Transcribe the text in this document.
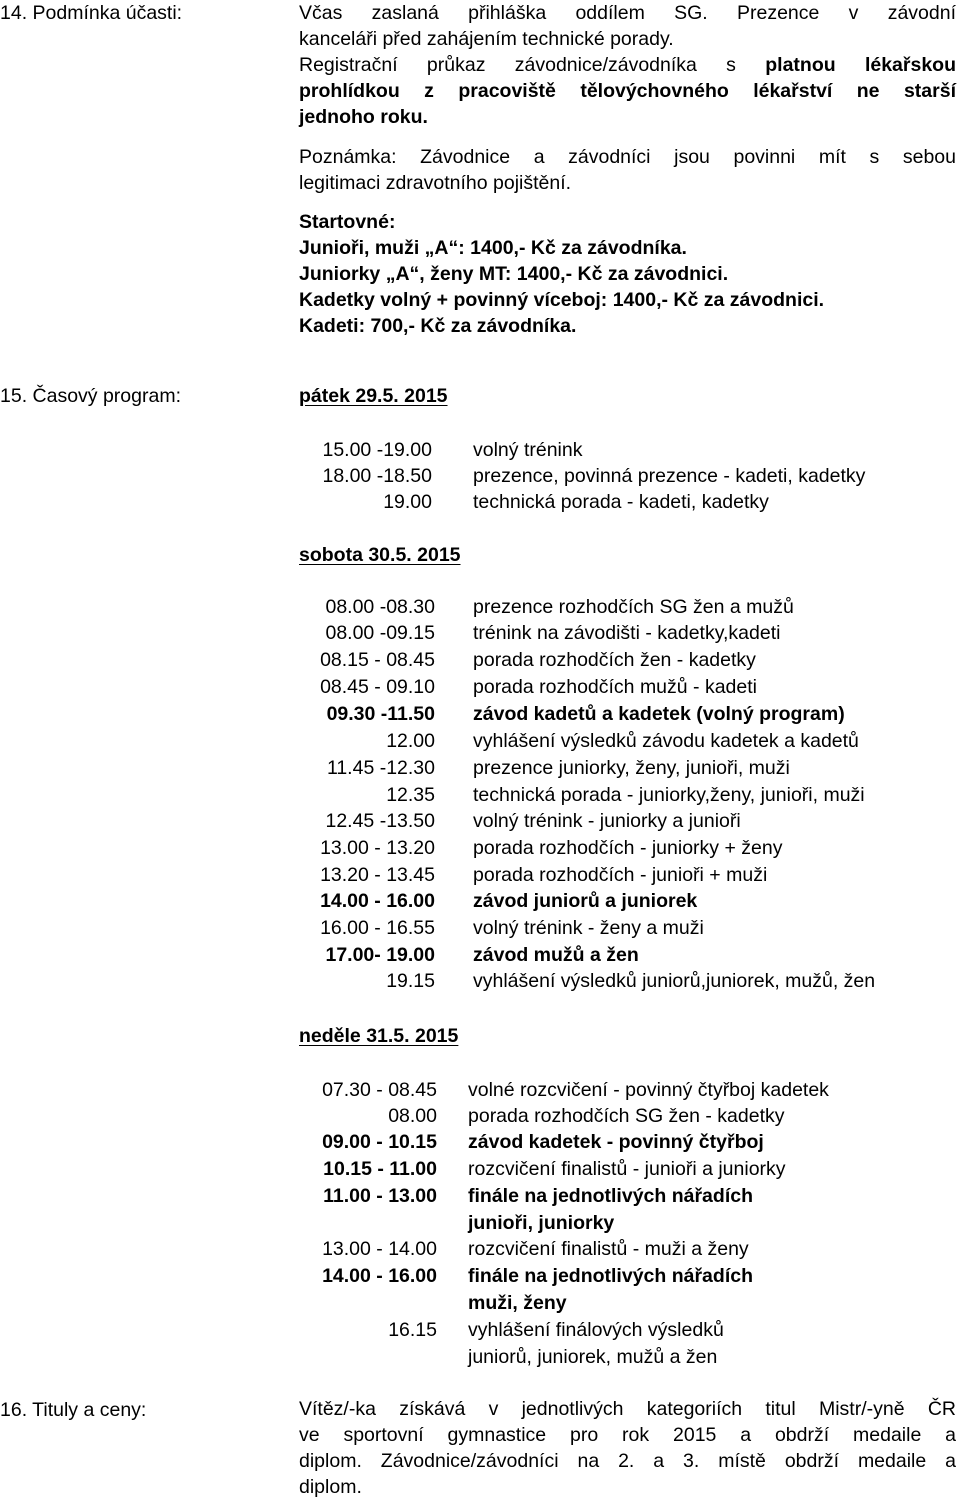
14. Podmínka účasti:	Včas zaslaná přihláška oddílem SG. Prezence v závodní
kanceláři před zahájením technické porady.
Registrační průkaz závodnice/závodníka s platnou lékařskou
prohlídkou z pracoviště tělovýchovného lékařství ne starší
jednoho roku.
Poznámka: Závodnice a závodníci jsou povinni mít s sebou
legitimaci zdravotního pojištění.
Startovné:
Junioři, muži „A“: 1400,- Kč za závodníka.
Juniorky „A“, ženy MT: 1400,- Kč za závodnici.
Kadetky volný + povinný víceboj: 1400,- Kč za závodnici.
Kadeti: 700,- Kč za závodníka.
15. Časový program:	pátek 29.5. 2015
15.00 -19.00 volný trénink
18.00 -18.50 prezence, povinná prezence - kadeti, kadetky
19.00 technická porada - kadeti, kadetky
sobota 30.5. 2015
08.00 -08.30 prezence rozhodčích SG žen a mužů
08.00 -09.15 trénink na závodišti - kadetky,kadeti
08.15 - 08.45 porada rozhodčích žen - kadetky
08.45 - 09.10 porada rozhodčích mužů - kadeti
09.30 -11.50 závod kadetů a kadetek (volný program)
12.00 vyhlášení výsledků závodu kadetek a kadetů
11.45 -12.30 prezence juniorky, ženy, junioři, muži
12.35 technická porada - juniorky,ženy, junioři, muži
12.45 -13.50 volný trénink - juniorky a junioři
13.00 - 13.20 porada rozhodčích - juniorky + ženy
13.20 - 13.45 porada rozhodčích - junioři + muži
14.00 - 16.00 závod juniorů a juniorek
16.00 - 16.55 volný trénink - ženy a muži
17.00- 19.00 závod mužů a žen
19.15 vyhlášení výsledků juniorů,juniorek, mužů, žen
neděle 31.5. 2015
07.30 - 08.45 volné rozcvičení - povinný čtyřboj kadetek
08.00 porada rozhodčích SG žen - kadetky
09.00 - 10.15 závod kadetek - povinný čtyřboj
10.15 - 11.00 rozcvičení finalistů - junioři a juniorky
11.00 - 13.00 finále na jednotlivých nářadích
junioři, juniorky
13.00 - 14.00 rozcvičení finalistů - muži a ženy
14.00 - 16.00 finále na jednotlivých nářadích
muži, ženy
16.15 vyhlášení finálových výsledků
juniorů, juniorek, mužů a žen
16. Tituly a ceny:	Vítěz/-ka získává v jednotlivých kategoriích titul Mistr/-yně ČR
ve sportovní gymnastice pro rok 2015 a obdrží medaile a
diplom. Závodnice/závodníci na 2. a 3. místě obdrží medaile a
diplom.
